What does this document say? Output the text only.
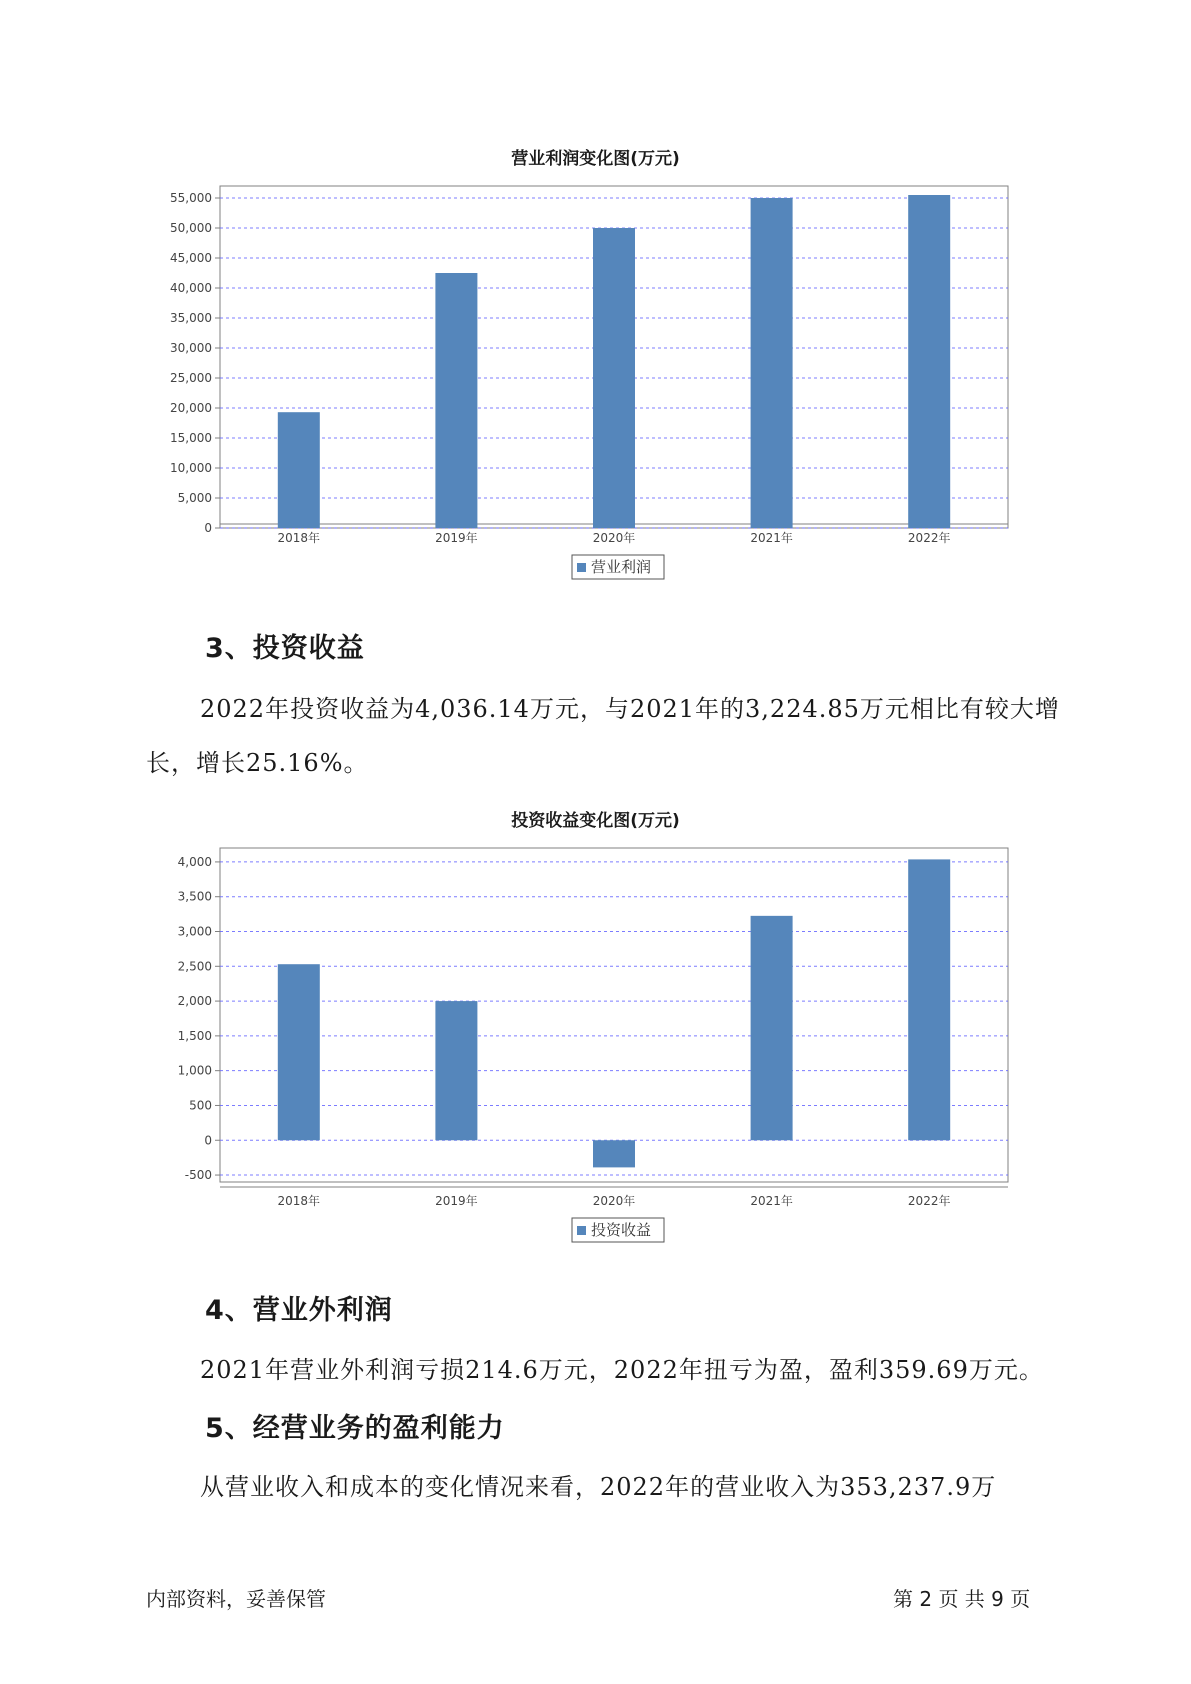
营业利润变化图(万元)
0
5,000
10,000
15,000
20,000
25,000
30,000
35,000
40,000
45,000
50,000
55,000
2018年	2019年	2020年	2021年	2022年
营业利润
3、投资收益
2022年投资收益为4,036.14万元，与2021年的3,224.85万元相比有较大增长，增长25.16%。
投资收益变化图(万元)
-500
0
500
1,000
1,500
2,000
2,500
3,000
3,500
4,000
2018年	2019年	2020年	2021年	2022年
投资收益
4、营业外利润
2021年营业外利润亏损214.6万元，2022年扭亏为盈，盈利359.69万元。
5、经营业务的盈利能力
从营业收入和成本的变化情况来看，2022年的营业收入为353,237.9万
内部资料，妥善保管	第 2 页 共 9 页
